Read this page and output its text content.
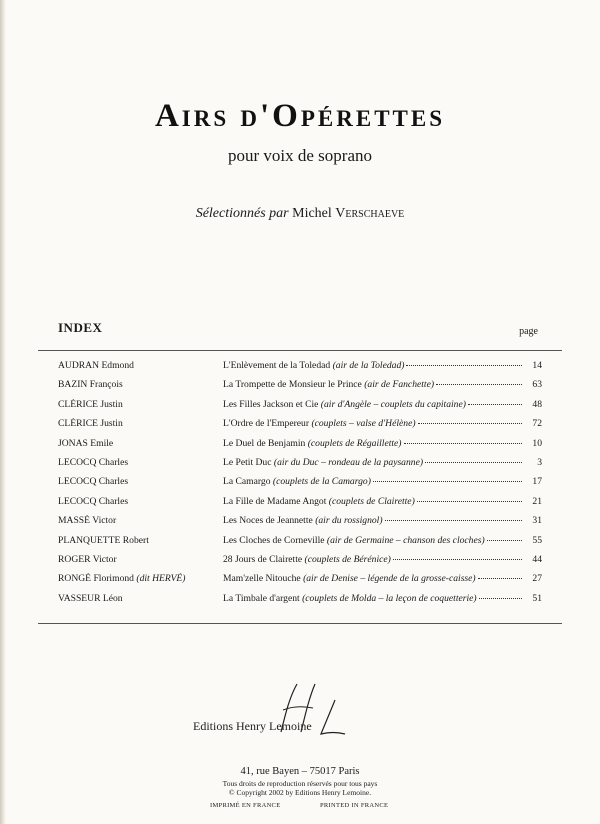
Airs d'Opérettes
pour voix de soprano
Sélectionnés par Michel Verschaeve
INDEX	page
AUDRAN Edmond	L'Enlèvement de la Toledad (air de la Toledad)	14
BAZIN François	La Trompette de Monsieur le Prince (air de Fanchette)	63
CLÉRICE Justin	Les Filles Jackson et Cie (air d'Angèle – couplets du capitaine)	48
CLÉRICE Justin	L'Ordre de l'Empereur (couplets – valse d'Hélène)	72
JONAS Emile	Le Duel de Benjamin (couplets de Régaillette)	10
LECOCQ Charles	Le Petit Duc (air du Duc – rondeau de la paysanne)	3
LECOCQ Charles	La Camargo (couplets de la Camargo)	17
LECOCQ Charles	La Fille de Madame Angot (couplets de Clairette)	21
MASSÉ Victor	Les Noces de Jeannette (air du rossignol)	31
PLANQUETTE Robert	Les Cloches de Corneville (air de Germaine – chanson des cloches)	55
ROGER Victor	28 Jours de Clairette (couplets de Bérénice)	44
RONGÉ Florimond (dit HERVÉ)	Mam'zelle Nitouche (air de Denise – légende de la grosse-caisse)	27
VASSEUR Léon	La Timbale d'argent (couplets de Molda – la leçon de coquetterie)	51
Editions Henry Lemoine
41, rue Bayen – 75017 Paris
Tous droits de reproduction réservés pour tous pays
© Copyright 2002 by Editions Henry Lemoine.
IMPRIMÉ EN FRANCE	PRINTED IN FRANCE
